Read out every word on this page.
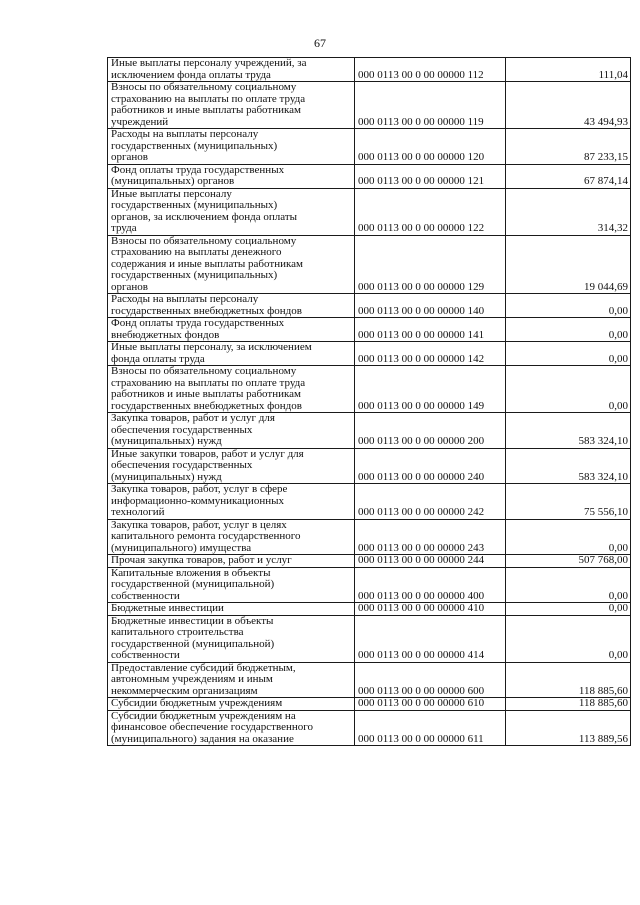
67
Иные выплаты персоналу учреждений, за
исключением фонда оплаты труда	000 0113 00 0 00 00000 112	111,04

Взносы по обязательному социальному
страхованию на выплаты по оплате труда
работников и иные выплаты работникам
учреждений	000 0113 00 0 00 00000 119	43 494,93

Расходы на выплаты персоналу
государственных (муниципальных)
органов	000 0113 00 0 00 00000 120	87 233,15

Фонд оплаты труда государственных
(муниципальных) органов	000 0113 00 0 00 00000 121	67 874,14

Иные выплаты персоналу
государственных (муниципальных)
органов, за исключением фонда оплаты
труда	000 0113 00 0 00 00000 122	314,32

Взносы по обязательному социальному
страхованию на выплаты денежного
содержания и иные выплаты работникам
государственных (муниципальных)
органов	000 0113 00 0 00 00000 129	19 044,69

Расходы на выплаты персоналу
государственных внебюджетных фондов	000 0113 00 0 00 00000 140	0,00

Фонд оплаты труда государственных
внебюджетных фондов	000 0113 00 0 00 00000 141	0,00

Иные выплаты персоналу, за исключением
фонда оплаты труда	000 0113 00 0 00 00000 142	0,00

Взносы по обязательному социальному
страхованию на выплаты по оплате труда
работников и иные выплаты работникам
государственных внебюджетных фондов	000 0113 00 0 00 00000 149	0,00

Закупка товаров, работ и услуг для
обеспечения государственных
(муниципальных) нужд	000 0113 00 0 00 00000 200	583 324,10

Иные закупки товаров, работ и услуг для
обеспечения государственных
(муниципальных) нужд	000 0113 00 0 00 00000 240	583 324,10

Закупка товаров, работ, услуг в сфере
информационно-коммуникационных
технологий	000 0113 00 0 00 00000 242	75 556,10

Закупка товаров, работ, услуг в целях
капитального ремонта государственного
(муниципального) имущества	000 0113 00 0 00 00000 243	0,00

Прочая закупка товаров, работ и услуг	000 0113 00 0 00 00000 244	507 768,00

Капитальные вложения в объекты
государственной (муниципальной)
собственности	000 0113 00 0 00 00000 400	0,00

Бюджетные инвестиции	000 0113 00 0 00 00000 410	0,00

Бюджетные инвестиции в объекты
капитального строительства
государственной (муниципальной)
собственности	000 0113 00 0 00 00000 414	0,00

Предоставление субсидий бюджетным,
автономным учреждениям и иным
некоммерческим организациям	000 0113 00 0 00 00000 600	118 885,60

Субсидии бюджетным учреждениям	000 0113 00 0 00 00000 610	118 885,60

Субсидии бюджетным учреждениям на
финансовое обеспечение государственного
(муниципального) задания на оказание	000 0113 00 0 00 00000 611	113 889,56
